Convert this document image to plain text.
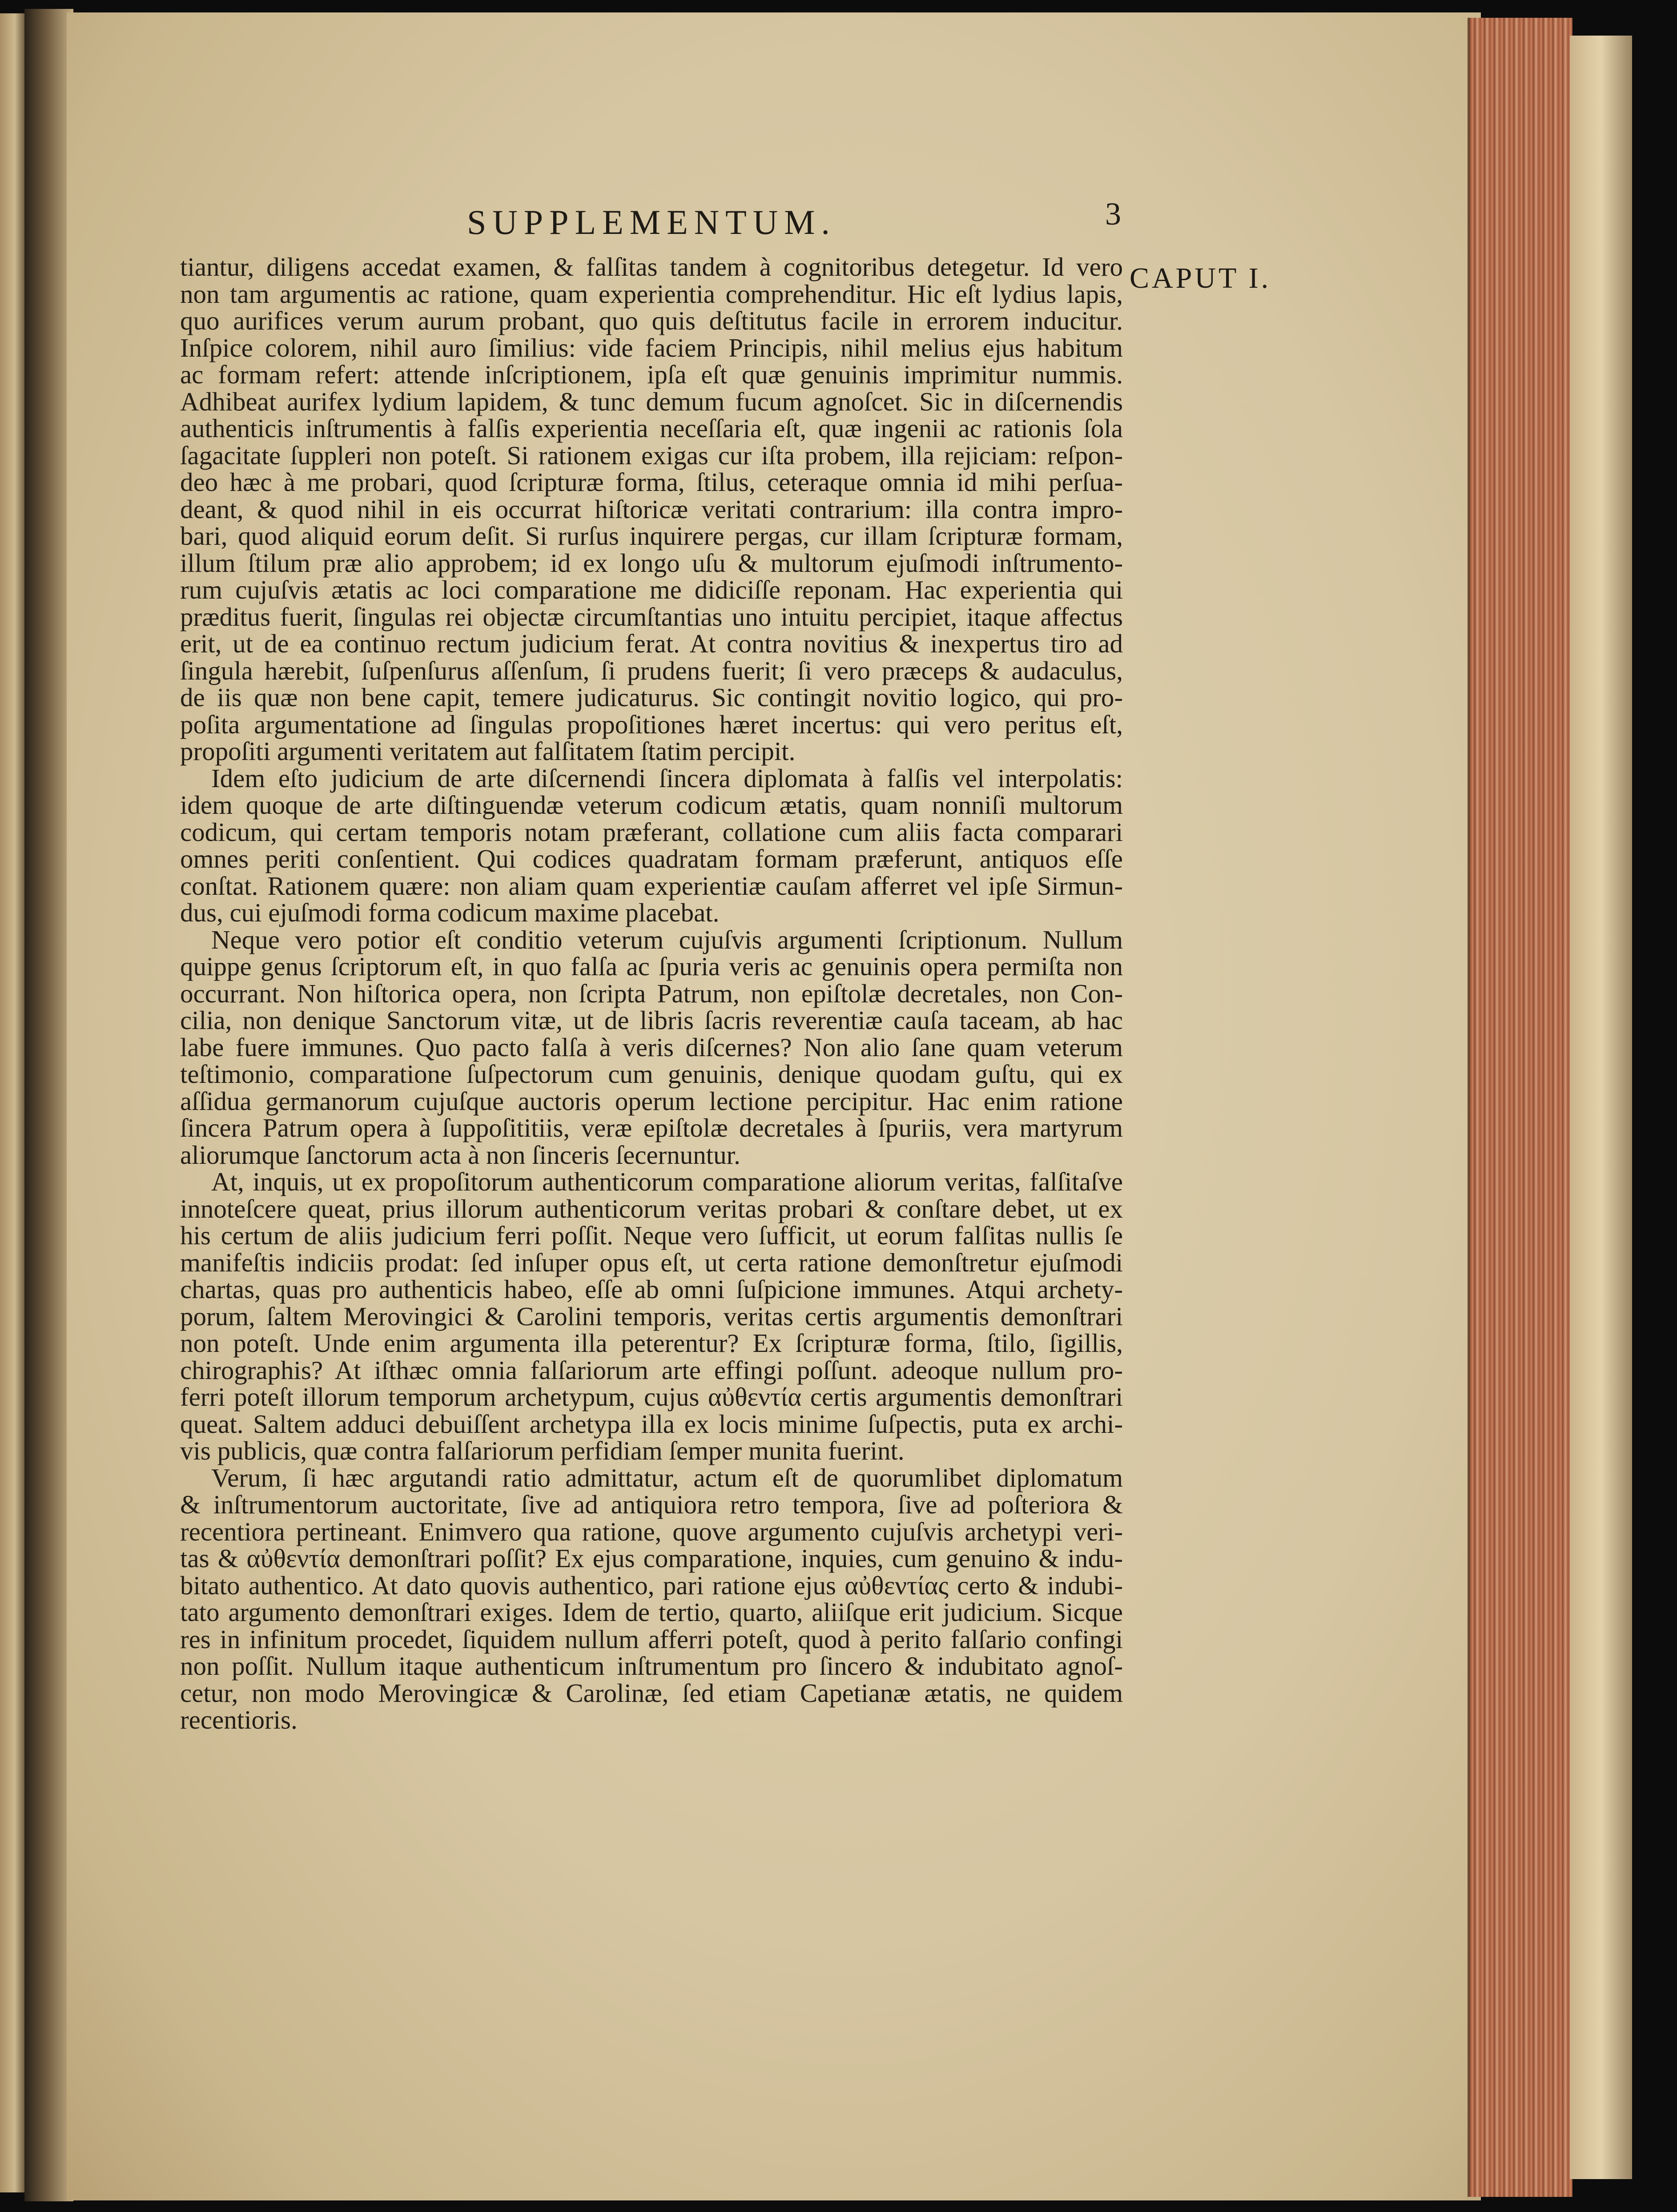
SUPPLEMENTUM.	3
CAPUT I.
tiantur, diligens accedat examen, & falſitas tandem à cognitoribus detegetur. Id vero
non tam argumentis ac ratione, quam experientia comprehenditur. Hic eſt lydius lapis,
quo aurifices verum aurum probant, quo quis deſtitutus facile in errorem inducitur.
Inſpice colorem, nihil auro ſimilius: vide faciem Principis, nihil melius ejus habitum
ac formam refert: attende inſcriptionem, ipſa eſt quæ genuinis imprimitur nummis.
Adhibeat aurifex lydium lapidem, & tunc demum fucum agnoſcet. Sic in diſcernendis
authenticis inſtrumentis à falſis experientia neceſſaria eſt, quæ ingenii ac rationis ſola
ſagacitate ſuppleri non poteſt. Si rationem exigas cur iſta probem, illa rejiciam: reſpon-
deo hæc à me probari, quod ſcripturæ forma, ſtilus, ceteraque omnia id mihi perſua-
deant, & quod nihil in eis occurrat hiſtoricæ veritati contrarium: illa contra impro-
bari, quod aliquid eorum deſit. Si rurſus inquirere pergas, cur illam ſcripturæ formam,
illum ſtilum præ alio approbem; id ex longo uſu & multorum ejuſmodi inſtrumento-
rum cujuſvis ætatis ac loci comparatione me didiciſſe reponam. Hac experientia qui
præditus fuerit, ſingulas rei objectæ circumſtantias uno intuitu percipiet, itaque affectus
erit, ut de ea continuo rectum judicium ferat. At contra novitius & inexpertus tiro ad
ſingula hærebit, ſuſpenſurus aſſenſum, ſi prudens fuerit; ſi vero præceps & audaculus,
de iis quæ non bene capit, temere judicaturus. Sic contingit novitio logico, qui pro-
poſita argumentatione ad ſingulas propoſitiones hæret incertus: qui vero peritus eſt,
propoſiti argumenti veritatem aut falſitatem ſtatim percipit.
Idem eſto judicium de arte diſcernendi ſincera diplomata à falſis vel interpolatis:
idem quoque de arte diſtinguendæ veterum codicum ætatis, quam nonniſi multorum
codicum, qui certam temporis notam præferant, collatione cum aliis facta comparari
omnes periti conſentient. Qui codices quadratam formam præferunt, antiquos eſſe
conſtat. Rationem quære: non aliam quam experientiæ cauſam afferret vel ipſe Sirmun-
dus, cui ejuſmodi forma codicum maxime placebat.
Neque vero potior eſt conditio veterum cujuſvis argumenti ſcriptionum. Nullum
quippe genus ſcriptorum eſt, in quo falſa ac ſpuria veris ac genuinis opera permiſta non
occurrant. Non hiſtorica opera, non ſcripta Patrum, non epiſtolæ decretales, non Con-
cilia, non denique Sanctorum vitæ, ut de libris ſacris reverentiæ cauſa taceam, ab hac
labe fuere immunes. Quo pacto falſa à veris diſcernes? Non alio ſane quam veterum
teſtimonio, comparatione ſuſpectorum cum genuinis, denique quodam guſtu, qui ex
aſſidua germanorum cujuſque auctoris operum lectione percipitur. Hac enim ratione
ſincera Patrum opera à ſuppoſititiis, veræ epiſtolæ decretales à ſpuriis, vera martyrum
aliorumque ſanctorum acta à non ſinceris ſecernuntur.
At, inquis, ut ex propoſitorum authenticorum comparatione aliorum veritas, falſitaſve
innoteſcere queat, prius illorum authenticorum veritas probari & conſtare debet, ut ex
his certum de aliis judicium ferri poſſit. Neque vero ſufficit, ut eorum falſitas nullis ſe
manifeſtis indiciis prodat: ſed inſuper opus eſt, ut certa ratione demonſtretur ejuſmodi
chartas, quas pro authenticis habeo, eſſe ab omni ſuſpicione immunes. Atqui archety-
porum, ſaltem Merovingici & Carolini temporis, veritas certis argumentis demonſtrari
non poteſt. Unde enim argumenta illa peterentur? Ex ſcripturæ forma, ſtilo, ſigillis,
chirographis? At iſthæc omnia falſariorum arte effingi poſſunt. adeoque nullum pro-
ferri poteſt illorum temporum archetypum, cujus αὐθεντία certis argumentis demonſtrari
queat. Saltem adduci debuiſſent archetypa illa ex locis minime ſuſpectis, puta ex archi-
vis publicis, quæ contra falſariorum perfidiam ſemper munita fuerint.
Verum, ſi hæc argutandi ratio admittatur, actum eſt de quorumlibet diplomatum
& inſtrumentorum auctoritate, ſive ad antiquiora retro tempora, ſive ad poſteriora &
recentiora pertineant. Enimvero qua ratione, quove argumento cujuſvis archetypi veri-
tas & αὐθεντία demonſtrari poſſit? Ex ejus comparatione, inquies, cum genuino & indu-
bitato authentico. At dato quovis authentico, pari ratione ejus αὐθεντίας certo & indubi-
tato argumento demonſtrari exiges. Idem de tertio, quarto, aliiſque erit judicium. Sicque
res in infinitum procedet, ſiquidem nullum afferri poteſt, quod à perito falſario confingi
non poſſit. Nullum itaque authenticum inſtrumentum pro ſincero & indubitato agnoſ-
cetur, non modo Merovingicæ & Carolinæ, ſed etiam Capetianæ ætatis, ne quidem
recentioris.
